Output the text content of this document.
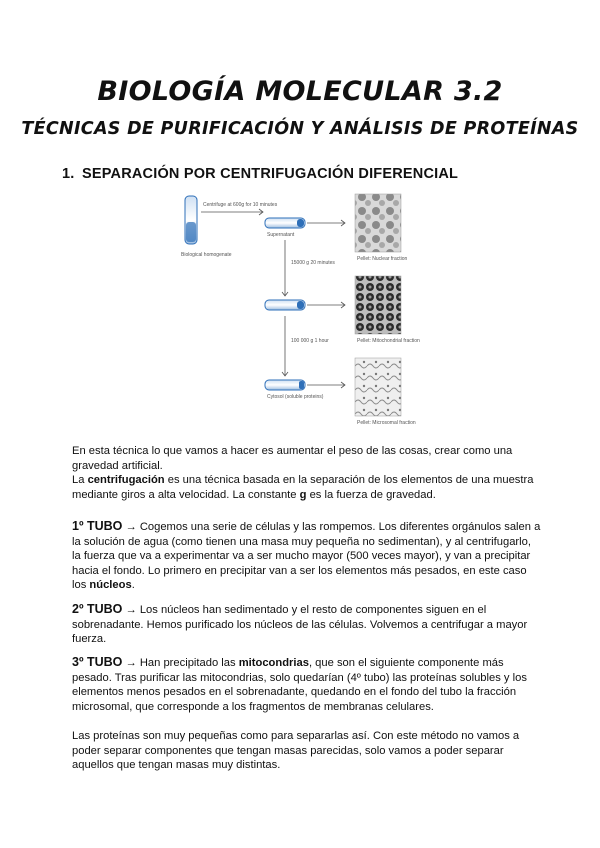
BIOLOGÍA MOLECULAR 3.2
TÉCNICAS DE PURIFICACIÓN Y ANÁLISIS DE PROTEÍNAS
1. SEPARACIÓN POR CENTRIFUGACIÓN DIFERENCIAL
Biological homogenate
Centrifuge at 600g for 10 minutes
Supernatant
15000 g 20 minutes
100 000 g 1 hour
Cytosol (soluble proteins)
Pellet: Nuclear fraction
Pellet: Mitochondrial fraction
Pellet: Microsomal fraction

En esta técnica lo que vamos a hacer es aumentar el peso de las cosas, crear como una gravedad artificial.

La centrifugación es una técnica basada en la separación de los elementos de una muestra mediante giros a alta velocidad. La constante g es la fuerza de gravedad.

1º TUBO → Cogemos una serie de células y las rompemos. Los diferentes orgánulos salen a la solución de agua (como tienen una masa muy pequeña no sedimentan), y al centrifugarlo, la fuerza que va a experimentar va a ser mucho mayor (500 veces mayor), y van a precipitar hacia el fondo. Lo primero en precipitar van a ser los elementos más pesados, en este caso los núcleos.

2º TUBO → Los núcleos han sedimentado y el resto de componentes siguen en el sobrenadante. Hemos purificado los núcleos de las células. Volvemos a centrifugar a mayor fuerza.

3º TUBO → Han precipitado las mitocondrias, que son el siguiente componente más pesado. Tras purificar las mitocondrias, solo quedarían (4º tubo) las proteínas solubles y los elementos menos pesados en el sobrenadante, quedando en el fondo del tubo la fracción microsomal, que corresponde a los fragmentos de membranas celulares.

Las proteínas son muy pequeñas como para separarlas así. Con este método no vamos a poder separar componentes que tengan masas parecidas, solo vamos a poder separar aquellos que tengan masas muy distintas.
